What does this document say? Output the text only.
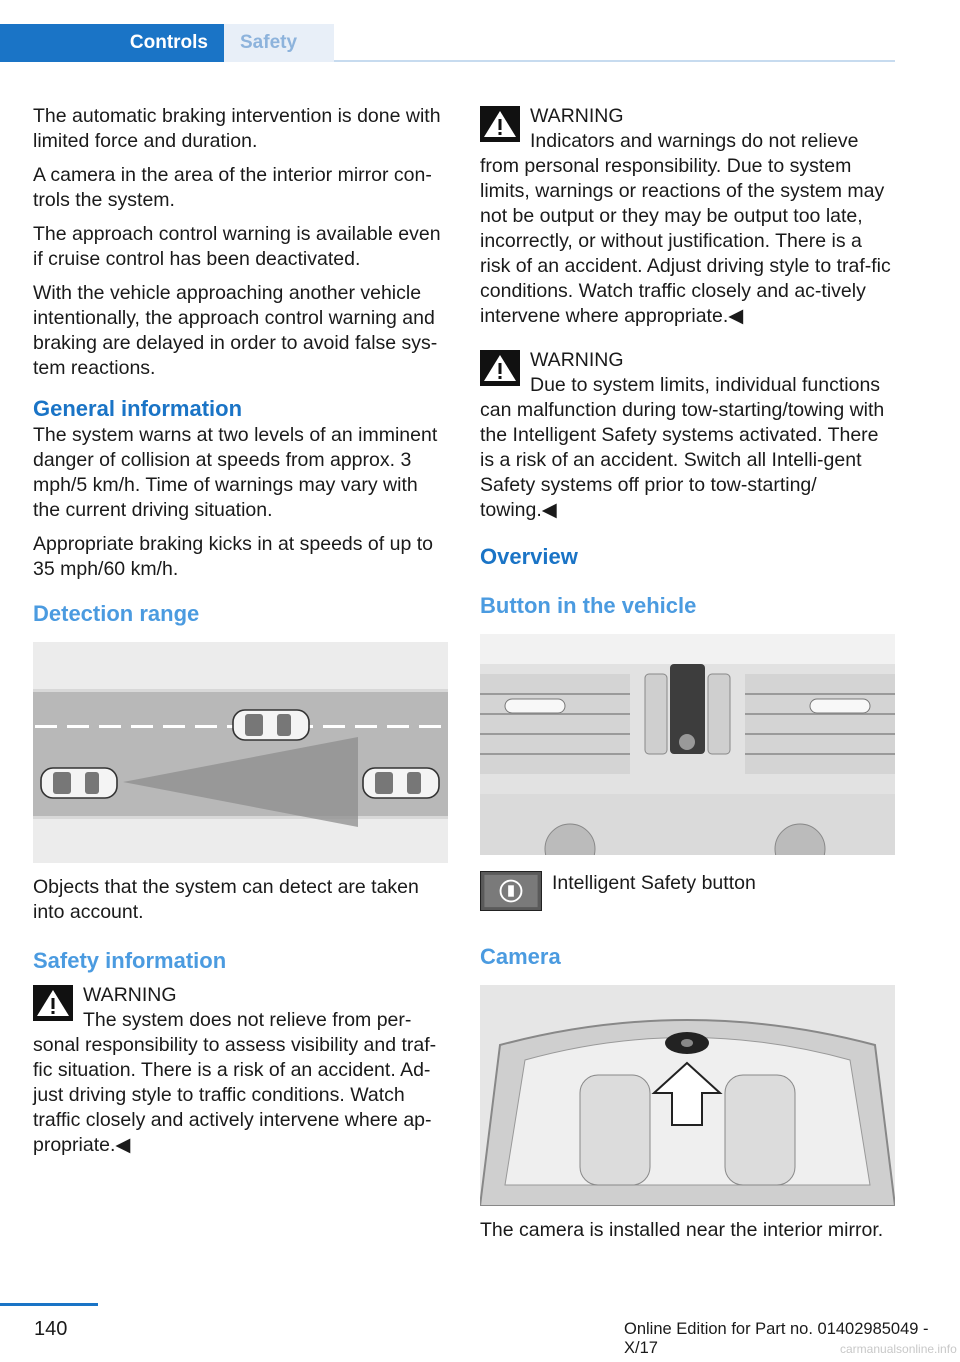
Controls Safety

The automatic braking intervention is done with limited force and duration.

A camera in the area of the interior mirror con‐trols the system.

The approach control warning is available even if cruise control has been deactivated.

With the vehicle approaching another vehicle intentionally, the approach control warning and braking are delayed in order to avoid false sys‐tem reactions.

General information

The system warns at two levels of an imminent danger of collision at speeds from approx. 3 mph/5 km/h. Time of warnings may vary with the current driving situation.

Appropriate braking kicks in at speeds of up to 35 mph/60 km/h.

Detection range

Objects that the system can detect are taken into account.

Safety information
WARNING
The system does not relieve from per‐
sonal responsibility to assess visibility and traf‐fic situation. There is a risk of an accident. Ad‐just driving style to traffic conditions. Watch traffic closely and actively intervene where ap‐propriate.◀
WARNING
Indicators and warnings do not relieve
from personal responsibility. Due to system limits, warnings or reactions of the system may not be output or they may be output too late, incorrectly, or without justification. There is a risk of an accident. Adjust driving style to traf‐fic conditions. Watch traffic closely and ac‐tively intervene where appropriate.◀
WARNING
Due to system limits, individual functions
can malfunction during tow-starting/towing with the Intelligent Safety systems activated. There is a risk of an accident. Switch all Intelli‐gent Safety systems off prior to tow-starting/ towing.◀
Overview
Button in the vehicle
Intelligent Safety button
Camera

The camera is installed near the interior mirror.

140	Online Edition for Part no. 01402985049 - X/17	carmanualsonline.info
